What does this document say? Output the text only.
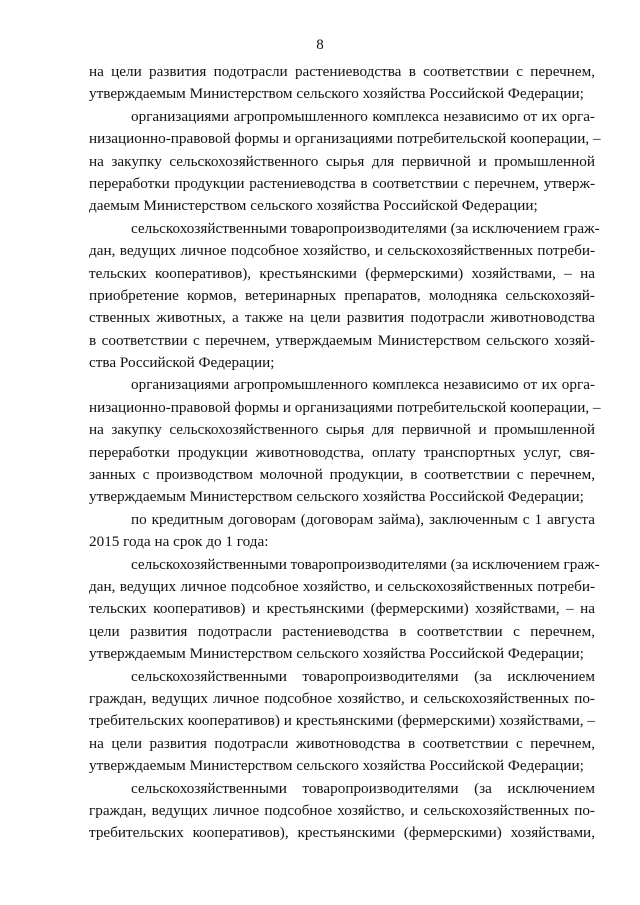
8
на цели развития подотрасли растениеводства в соответствии с перечнем,
утверждаемым Министерством сельского хозяйства Российской Федерации;
организациями агропромышленного комплекса независимо от их орга-
низационно-правовой формы и организациями потребительской кооперации, –
на закупку сельскохозяйственного сырья для первичной и промышленной
переработки продукции растениеводства в соответствии с перечнем, утверж-
даемым Министерством сельского хозяйства Российской Федерации;
сельскохозяйственными товаропроизводителями (за исключением граж-
дан, ведущих личное подсобное хозяйство, и сельскохозяйственных потреби-
тельских кооперативов), крестьянскими (фермерскими) хозяйствами, – на
приобретение кормов, ветеринарных препаратов, молодняка сельскохозяй-
ственных животных, а также на цели развития подотрасли животноводства
в соответствии с перечнем, утверждаемым Министерством сельского хозяй-
ства Российской Федерации;
организациями агропромышленного комплекса независимо от их орга-
низационно-правовой формы и организациями потребительской кооперации, –
на закупку сельскохозяйственного сырья для первичной и промышленной
переработки продукции животноводства, оплату транспортных услуг, свя-
занных с производством молочной продукции, в соответствии с перечнем,
утверждаемым Министерством сельского хозяйства Российской Федерации;
по кредитным договорам (договорам займа), заключенным с 1 августа
2015 года на срок до 1 года:
сельскохозяйственными товаропроизводителями (за исключением граж-
дан, ведущих личное подсобное хозяйство, и сельскохозяйственных потреби-
тельских кооперативов) и крестьянскими (фермерскими) хозяйствами, – на
цели развития подотрасли растениеводства в соответствии с перечнем,
утверждаемым Министерством сельского хозяйства Российской Федерации;
сельскохозяйственными товаропроизводителями (за исключением
граждан, ведущих личное подсобное хозяйство, и сельскохозяйственных по-
требительских кооперативов) и крестьянскими (фермерскими) хозяйствами, –
на цели развития подотрасли животноводства в соответствии с перечнем,
утверждаемым Министерством сельского хозяйства Российской Федерации;
сельскохозяйственными товаропроизводителями (за исключением
граждан, ведущих личное подсобное хозяйство, и сельскохозяйственных по-
требительских кооперативов), крестьянскими (фермерскими) хозяйствами,
